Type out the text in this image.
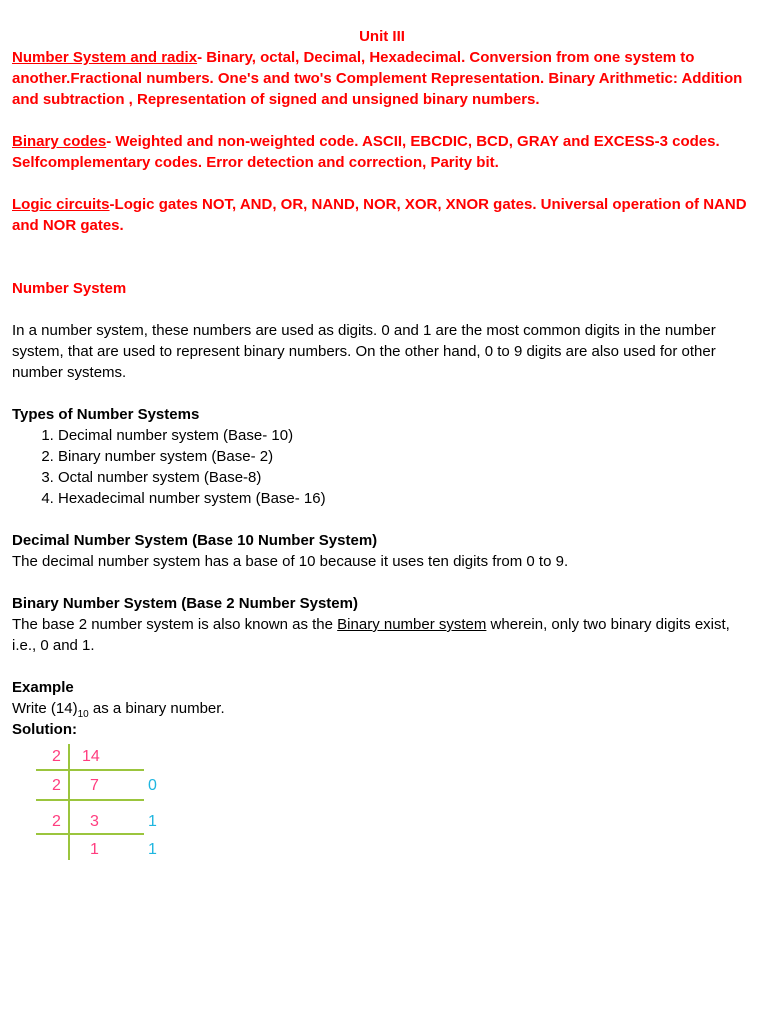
Unit III

Number System and radix- Binary, octal, Decimal, Hexadecimal. Conversion from one system to another.Fractional numbers. One's and two's Complement Representation. Binary Arithmetic: Addition and subtraction , Representation of signed and unsigned binary numbers.

Binary codes- Weighted and non-weighted code. ASCII, EBCDIC, BCD, GRAY and EXCESS-3 codes. Selfcomplementary codes. Error detection and correction, Parity bit.

Logic circuits-Logic gates NOT, AND, OR, NAND, NOR, XOR, XNOR gates. Universal operation of NAND and NOR gates.

Number System

In a number system, these numbers are used as digits. 0 and 1 are the most common digits in the number system, that are used to represent binary numbers. On the other hand, 0 to 9 digits are also used for other number systems.

Types of Number Systems

1. Decimal number system (Base- 10)
2. Binary number system (Base- 2)
3. Octal number system (Base-8)
4. Hexadecimal number system (Base- 16)

Decimal Number System (Base 10 Number System)

The decimal number system has a base of 10 because it uses ten digits from 0 to 9.

Binary Number System (Base 2 Number System)

The base 2 number system is also known as the Binary number system wherein, only two binary digits exist, i.e., 0 and 1.

Example

Write $(14)_{10}$ as a binary number.

Solution:

2 14
2 7	0
2 3	1
1	1
